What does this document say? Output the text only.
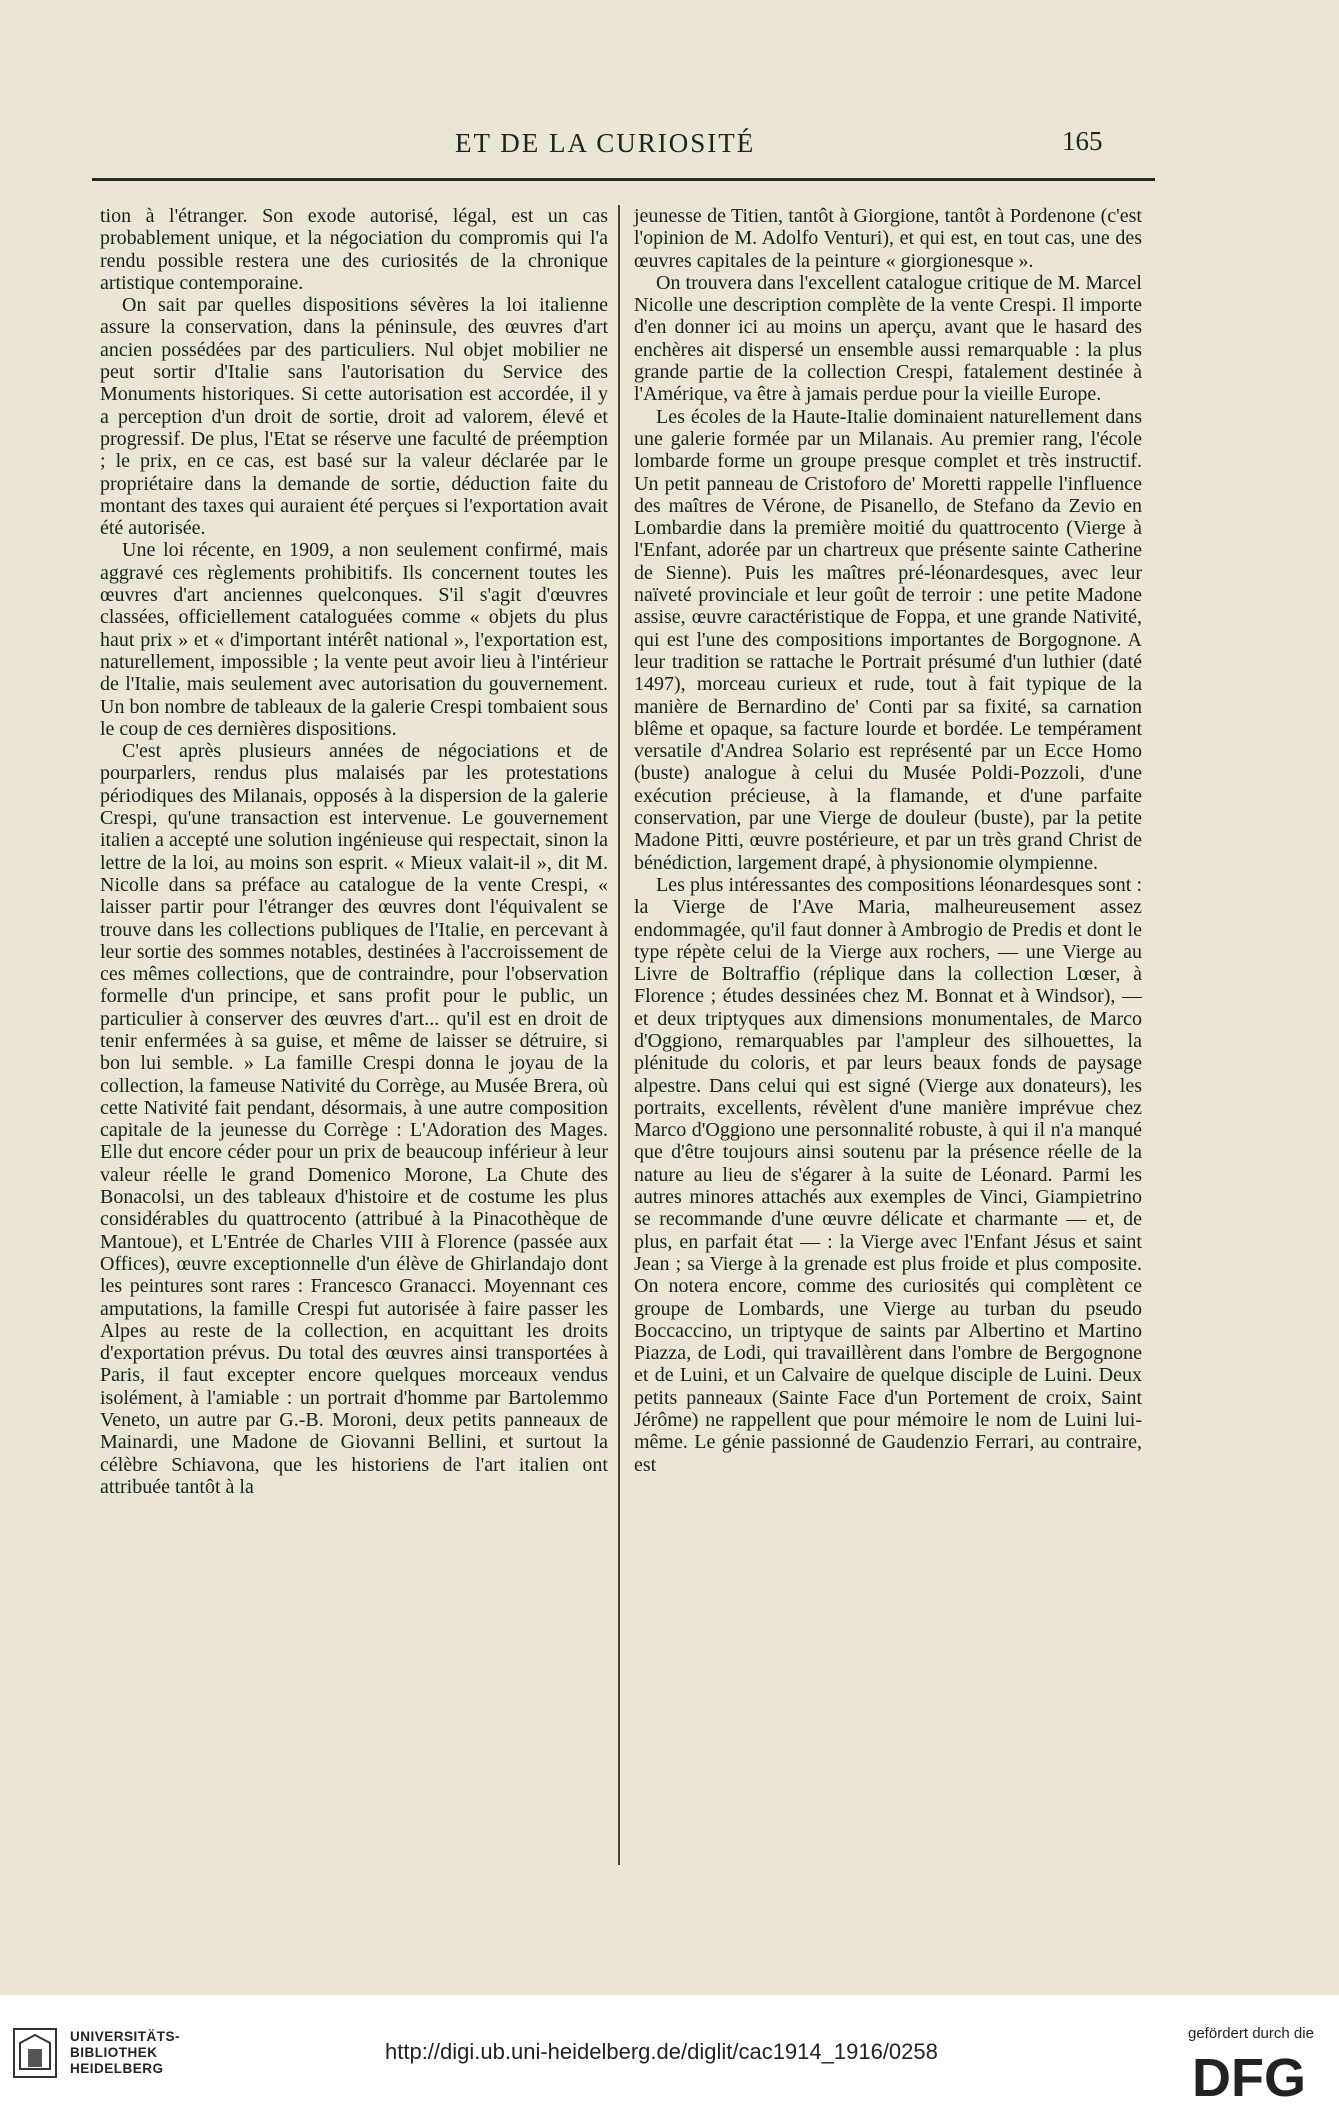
ET DE LA CURIOSITÉ	165

tion à l'étranger. Son exode autorisé, légal, est un cas probablement unique, et la négociation du compromis qui l'a rendu possible restera une des curiosités de la chronique artistique contemporaine.

On sait par quelles dispositions sévères la loi italienne assure la conservation, dans la péninsule, des œuvres d'art ancien possédées par des particuliers. Nul objet mobilier ne peut sortir d'Italie sans l'autorisation du Service des Monuments historiques. Si cette autorisation est accordée, il y a perception d'un droit de sortie, droit ad valorem, élevé et progressif. De plus, l'Etat se réserve une faculté de préemption ; le prix, en ce cas, est basé sur la valeur déclarée par le propriétaire dans la demande de sortie, déduction faite du montant des taxes qui auraient été perçues si l'exportation avait été autorisée.

Une loi récente, en 1909, a non seulement confirmé, mais aggravé ces règlements prohibitifs. Ils concernent toutes les œuvres d'art anciennes quelconques. S'il s'agit d'œuvres classées, officiellement cataloguées comme « objets du plus haut prix » et « d'important intérêt national », l'exportation est, naturellement, impossible ; la vente peut avoir lieu à l'intérieur de l'Italie, mais seulement avec autorisation du gouvernement. Un bon nombre de tableaux de la galerie Crespi tombaient sous le coup de ces dernières dispositions.

C'est après plusieurs années de négociations et de pourparlers, rendus plus malaisés par les protestations périodiques des Milanais, opposés à la dispersion de la galerie Crespi, qu'une transaction est intervenue. Le gouvernement italien a accepté une solution ingénieuse qui respectait, sinon la lettre de la loi, au moins son esprit. « Mieux valait-il », dit M. Nicolle dans sa préface au catalogue de la vente Crespi, « laisser partir pour l'étranger des œuvres dont l'équivalent se trouve dans les collections publiques de l'Italie, en percevant à leur sortie des sommes notables, destinées à l'accroissement de ces mêmes collections, que de contraindre, pour l'observation formelle d'un principe, et sans profit pour le public, un particulier à conserver des œuvres d'art... qu'il est en droit de tenir enfermées à sa guise, et même de laisser se détruire, si bon lui semble. » La famille Crespi donna le joyau de la collection, la fameuse Nativité du Corrège, au Musée Brera, où cette Nativité fait pendant, désormais, à une autre composition capitale de la jeunesse du Corrège : L'Adoration des Mages. Elle dut encore céder pour un prix de beaucoup inférieur à leur valeur réelle le grand Domenico Morone, La Chute des Bonacolsi, un des tableaux d'histoire et de costume les plus considérables du quattrocento (attribué à la Pinacothèque de Mantoue), et L'Entrée de Charles VIII à Florence (passée aux Offices), œuvre exceptionnelle d'un élève de Ghirlandajo dont les peintures sont rares : Francesco Granacci. Moyennant ces amputations, la famille Crespi fut autorisée à faire passer les Alpes au reste de la collection, en acquittant les droits d'exportation prévus. Du total des œuvres ainsi transportées à Paris, il faut excepter encore quelques morceaux vendus isolément, à l'amiable : un portrait d'homme par Bartolemmo Veneto, un autre par G.-B. Moroni, deux petits panneaux de Mainardi, une Madone de Giovanni Bellini, et surtout la célèbre Schiavona, que les historiens de l'art italien ont attribuée tantôt à la

jeunesse de Titien, tantôt à Giorgione, tantôt à Pordenone (c'est l'opinion de M. Adolfo Venturi), et qui est, en tout cas, une des œuvres capitales de la peinture « giorgionesque ».

On trouvera dans l'excellent catalogue critique de M. Marcel Nicolle une description complète de la vente Crespi. Il importe d'en donner ici au moins un aperçu, avant que le hasard des enchères ait dispersé un ensemble aussi remarquable : la plus grande partie de la collection Crespi, fatalement destinée à l'Amérique, va être à jamais perdue pour la vieille Europe.

Les écoles de la Haute-Italie dominaient naturellement dans une galerie formée par un Milanais. Au premier rang, l'école lombarde forme un groupe presque complet et très instructif. Un petit panneau de Cristoforo de' Moretti rappelle l'influence des maîtres de Vérone, de Pisanello, de Stefano da Zevio en Lombardie dans la première moitié du quattrocento (Vierge à l'Enfant, adorée par un chartreux que présente sainte Catherine de Sienne). Puis les maîtres pré-léonardesques, avec leur naïveté provinciale et leur goût de terroir : une petite Madone assise, œuvre caractéristique de Foppa, et une grande Nativité, qui est l'une des compositions importantes de Borgognone. A leur tradition se rattache le Portrait présumé d'un luthier (daté 1497), morceau curieux et rude, tout à fait typique de la manière de Bernardino de' Conti par sa fixité, sa carnation blême et opaque, sa facture lourde et bordée. Le tempérament versatile d'Andrea Solario est représenté par un Ecce Homo (buste) analogue à celui du Musée Poldi-Pozzoli, d'une exécution précieuse, à la flamande, et d'une parfaite conservation, par une Vierge de douleur (buste), par la petite Madone Pitti, œuvre postérieure, et par un très grand Christ de bénédiction, largement drapé, à physionomie olympienne.

Les plus intéressantes des compositions léonardesques sont : la Vierge de l'Ave Maria, malheureusement assez endommagée, qu'il faut donner à Ambrogio de Predis et dont le type répète celui de la Vierge aux rochers, — une Vierge au Livre de Boltraffio (réplique dans la collection Lœser, à Florence ; études dessinées chez M. Bonnat et à Windsor), — et deux triptyques aux dimensions monumentales, de Marco d'Oggiono, remarquables par l'ampleur des silhouettes, la plénitude du coloris, et par leurs beaux fonds de paysage alpestre. Dans celui qui est signé (Vierge aux donateurs), les portraits, excellents, révèlent d'une manière imprévue chez Marco d'Oggiono une personnalité robuste, à qui il n'a manqué que d'être toujours ainsi soutenu par la présence réelle de la nature au lieu de s'égarer à la suite de Léonard. Parmi les autres minores attachés aux exemples de Vinci, Giampietrino se recommande d'une œuvre délicate et charmante — et, de plus, en parfait état — : la Vierge avec l'Enfant Jésus et saint Jean ; sa Vierge à la grenade est plus froide et plus composite. On notera encore, comme des curiosités qui complètent ce groupe de Lombards, une Vierge au turban du pseudo Boccaccino, un triptyque de saints par Albertino et Martino Piazza, de Lodi, qui travaillèrent dans l'ombre de Bergognone et de Luini, et un Calvaire de quelque disciple de Luini. Deux petits panneaux (Sainte Face d'un Portement de croix, Saint Jérôme) ne rappellent que pour mémoire le nom de Luini lui-même. Le génie passionné de Gaudenzio Ferrari, au contraire, est

UNIVERSITÄTS-
BIBLIOTHEK
HEIDELBERG
http://digi.ub.uni-heidelberg.de/diglit/cac1914_1916/0258
gefördert durch die
DFG
